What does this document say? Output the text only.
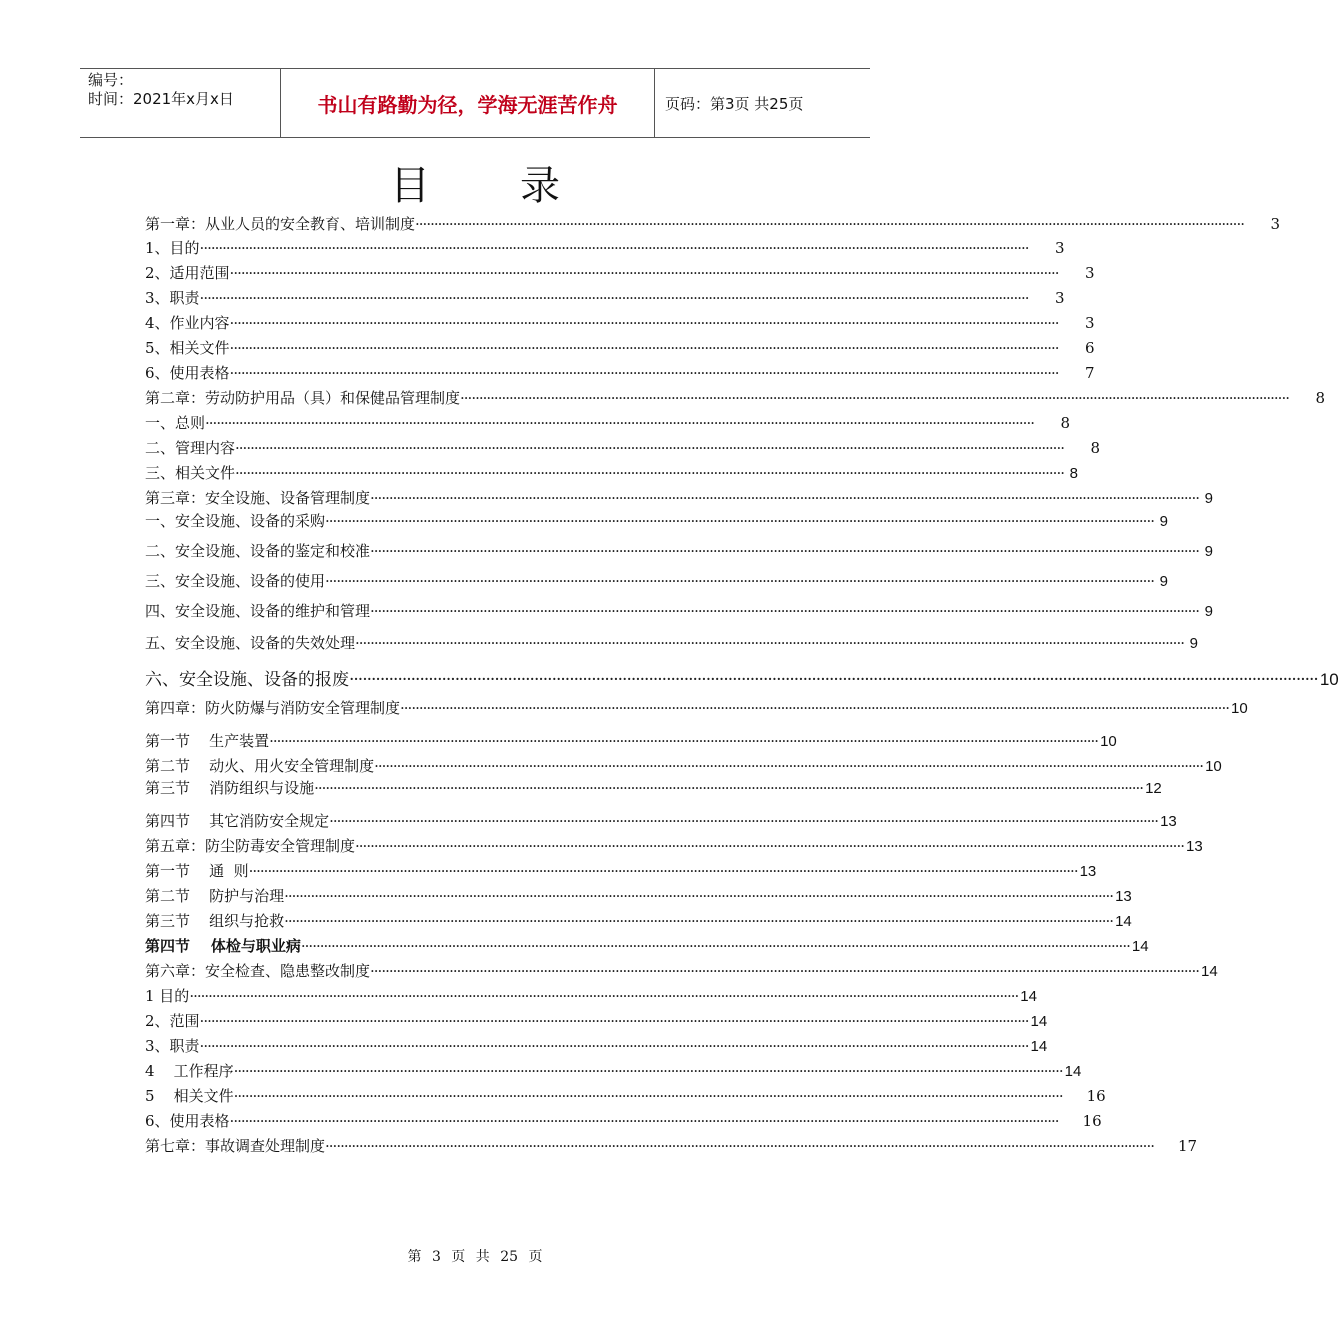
编号：
时间：2021年x月x日	书山有路勤为径，学海无涯苦作舟	页码：第3页 共25页
目录
第一章：从业人员的安全教育、培训制度 ····························································································································································································································	3
1、目的 ····························································································································································································································	3
2、适用范围 ····························································································································································································································	3
3、职责 ····························································································································································································································	3
4、作业内容 ····························································································································································································································	3
5、相关文件 ····························································································································································································································	6
6、使用表格 ····························································································································································································································	7
第二章：劳动防护用品（具）和保健品管理制度 ····························································································································································································································	8
一、总则 ····························································································································································································································	8
二、管理内容 ····························································································································································································································	8
三、相关文件 ···························································································································································································································· 8
第三章：安全设施、设备管理制度 ···························································································································································································································· 9
一、安全设施、设备的采购 ···························································································································································································································· 9
二、安全设施、设备的鉴定和校准 ···························································································································································································································· 9
三、安全设施、设备的使用 ···························································································································································································································· 9
四、安全设施、设备的维护和管理 ···························································································································································································································· 9
五、安全设施、设备的失效处理 ···························································································································································································································· 9
六、安全设施、设备的报废 ···························································································································································································································· 10
第四章：防火防爆与消防安全管理制度 ···························································································································································································································· 10
第一节    生产装置 ···························································································································································································································· 10
第二节    动火、用火安全管理制度 ···························································································································································································································· 10
第三节    消防组织与设施 ···························································································································································································································· 12
第四节    其它消防安全规定 ···························································································································································································································· 13
第五章：防尘防毒安全管理制度 ···························································································································································································································· 13
第一节    通  则 ···························································································································································································································· 13
第二节    防护与治理 ···························································································································································································································· 13
第三节    组织与抢救 ···························································································································································································································· 14
第四节    体检与职业病 ···························································································································································································································· 14
第六章：安全检查、隐患整改制度 ···························································································································································································································· 14
1 目的 ···························································································································································································································· 14
2、范围 ···························································································································································································································· 14
3、职责 ···························································································································································································································· 14
4    工作程序 ···························································································································································································································· 14
5    相关文件 ····························································································································································································································	16
6、使用表格 ····························································································································································································································	16
第七章：事故调查处理制度 ····························································································································································································································	17
第 3 页 共 25 页
